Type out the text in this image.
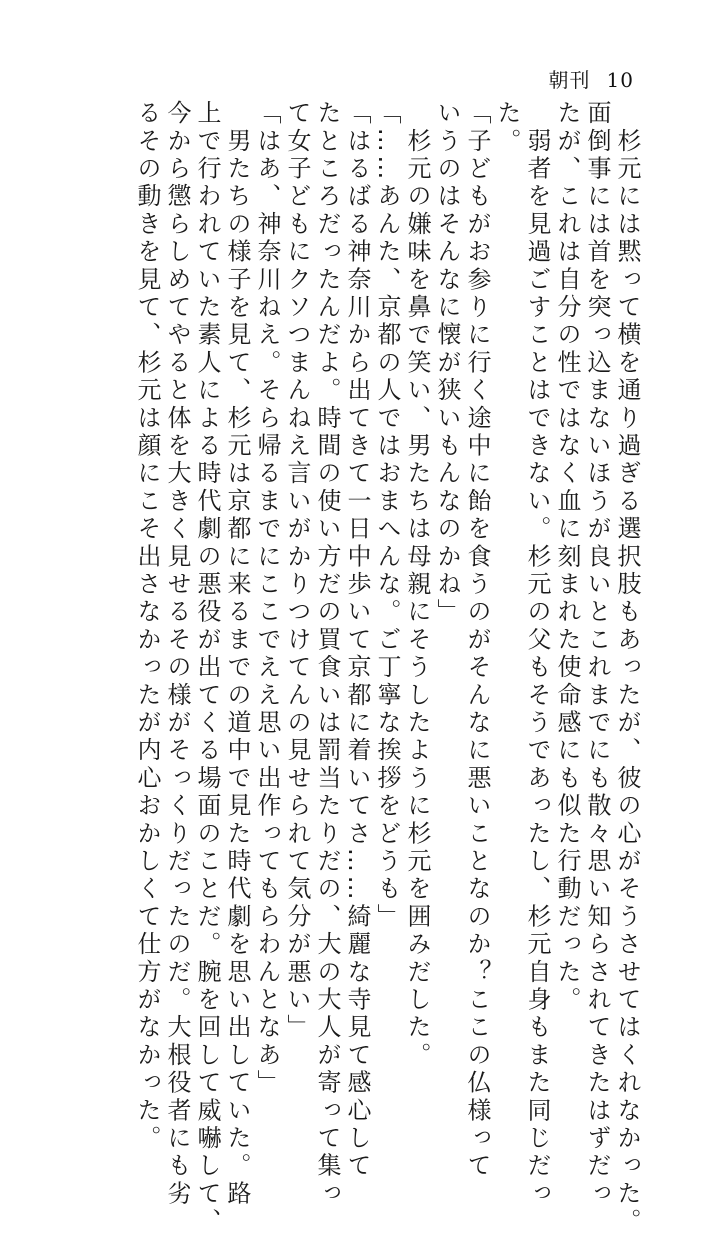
朝刊 10
　杉元には黙って横を通り過ぎる選択肢もあったが、彼の心がそうさせてはくれなかった。
面倒事には首を突っ込まないほうが良いとこれまでにも散々思い知らされてきたはずだっ
たが、これは自分の性ではなく血に刻まれた使命感にも似た行動だった。
　弱者を見過ごすことはできない。杉元の父もそうであったし、杉元自身もまた同じだっ
た。
「子どもがお参りに行く途中に飴を食うのがそんなに悪いことなのか？ここの仏様って
いうのはそんなに懐が狭いもんなのかね」
　杉元の嫌味を鼻で笑い、男たちは母親にそうしたように杉元を囲みだした。
「……あんた、京都の人ではおまへんな。ご丁寧な挨拶をどうも」
「はるばる神奈川から出てきて一日中歩いて京都に着いてさ……綺麗な寺見て感心して
たところだったんだよ。時間の使い方だの買食いは罰当たりだの、大の大人が寄って集っ
て女子どもにクソつまんねえ言いがかりつけてんの見せられて気分が悪い」
「はあ、神奈川ねえ。そら帰るまでにここでええ思い出作ってもらわんとなあ」
　男たちの様子を見て、杉元は京都に来るまでの道中で見た時代劇を思い出していた。路
上で行われていた素人による時代劇の悪役が出てくる場面のことだ。腕を回して威嚇して、
今から懲らしめてやると体を大きく見せるその様がそっくりだったのだ。大根役者にも劣
るその動きを見て、杉元は顔にこそ出さなかったが内心おかしくて仕方がなかった。
